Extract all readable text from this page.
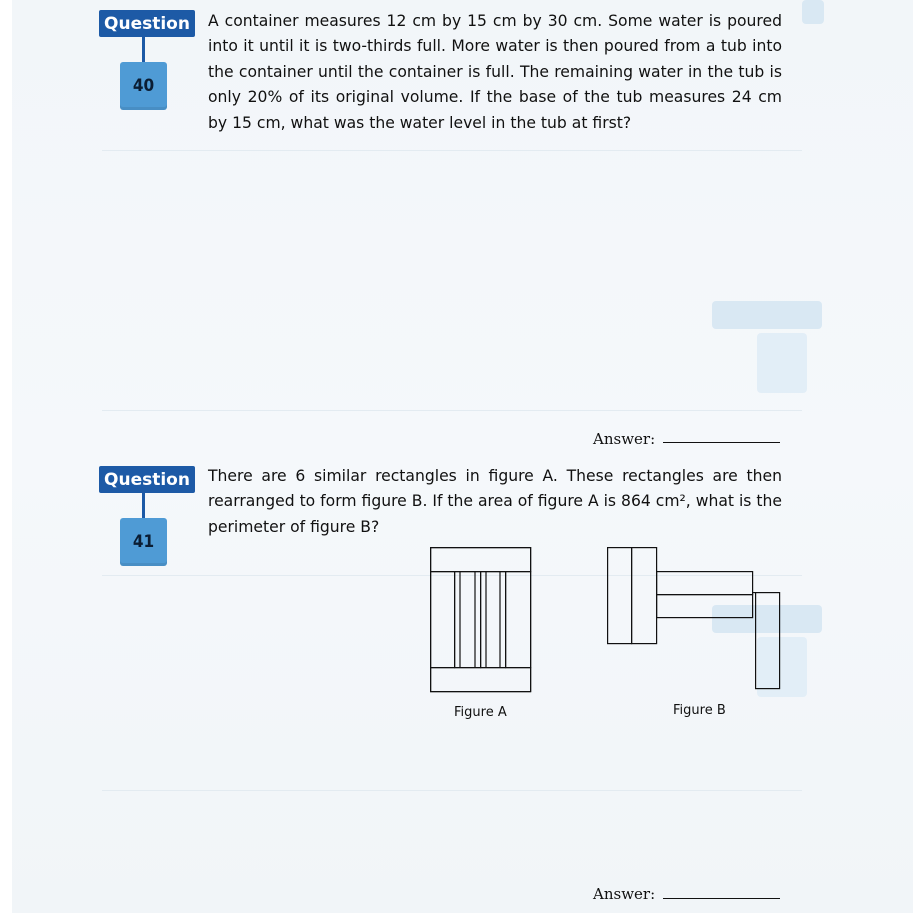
Question
40
A container measures 12 cm by 15 cm by 30 cm. Some water is poured into it until it is two-thirds full. More water is then poured from a tub into the container until the container is full. The remaining water in the tub is only 20% of its original volume. If the base of the tub measures 24 cm by 15 cm, what was the water level in the tub at first?
Answer:
Question
41
There are 6 similar rectangles in figure A. These rectangles are then rearranged to form figure B. If the area of figure A is 864 cm², what is the perimeter of figure B?
Figure A	Figure B
Answer:
